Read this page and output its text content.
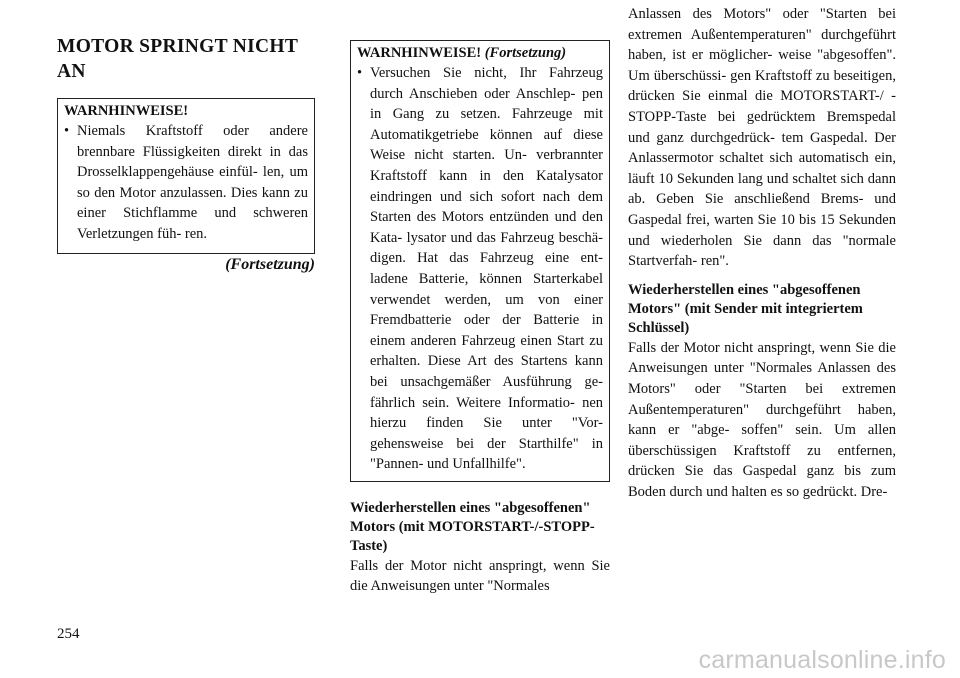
MOTOR SPRINGT NICHT AN
WARNHINWEISE!

• Niemals Kraftstoff oder andere brennbare Flüssigkeiten direkt in das Drosselklappengehäuse einfül- len, um so den Motor anzulassen. Dies kann zu einer Stichflamme und schweren Verletzungen füh- ren.

(Fortsetzung)
WARNHINWEISE! (Fortsetzung)

• Versuchen Sie nicht, Ihr Fahrzeug durch Anschieben oder Anschlep- pen in Gang zu setzen. Fahrzeuge mit Automatikgetriebe können auf diese Weise nicht starten. Un- verbrannter Kraftstoff kann in den Katalysator eindringen und sich sofort nach dem Starten des Motors entzünden und den Kata- lysator und das Fahrzeug beschä- digen. Hat das Fahrzeug eine ent- ladene Batterie, können Starterkabel verwendet werden, um von einer Fremdbatterie oder der Batterie in einem anderen Fahrzeug einen Start zu erhalten. Diese Art des Startens kann bei unsachgemäßer Ausführung ge- fährlich sein. Weitere Informatio- nen hierzu finden Sie unter "Vor- gehensweise bei der Starthilfe" in "Pannen- und Unfallhilfe".

Wiederherstellen eines "abgesoffenen" Motors (mit MOTORSTART-/-STOPP-Taste)

Falls der Motor nicht anspringt, wenn Sie die Anweisungen unter "Normales

Anlassen des Motors" oder "Starten bei extremen Außentemperaturen" durchgeführt haben, ist er möglicher- weise "abgesoffen". Um überschüssi- gen Kraftstoff zu beseitigen, drücken Sie einmal die MOTORSTART-/ -STOPP-Taste bei gedrücktem Bremspedal und ganz durchgedrück- tem Gaspedal. Der Anlassermotor schaltet sich automatisch ein, läuft 10 Sekunden lang und schaltet sich dann ab. Geben Sie anschließend Brems- und Gaspedal frei, warten Sie 10 bis 15 Sekunden und wiederholen Sie dann das "normale Startverfah- ren".

Wiederherstellen eines "abgesoffenen Motors" (mit Sender mit integriertem Schlüssel)

Falls der Motor nicht anspringt, wenn Sie die Anweisungen unter "Normales Anlassen des Motors" oder "Starten bei extremen Außentemperaturen" durchgeführt haben, kann er "abge- soffen" sein. Um allen überschüssigen Kraftstoff zu entfernen, drücken Sie das Gaspedal ganz bis zum Boden durch und halten es so gedrückt. Dre-

254
carmanualsonline.info
